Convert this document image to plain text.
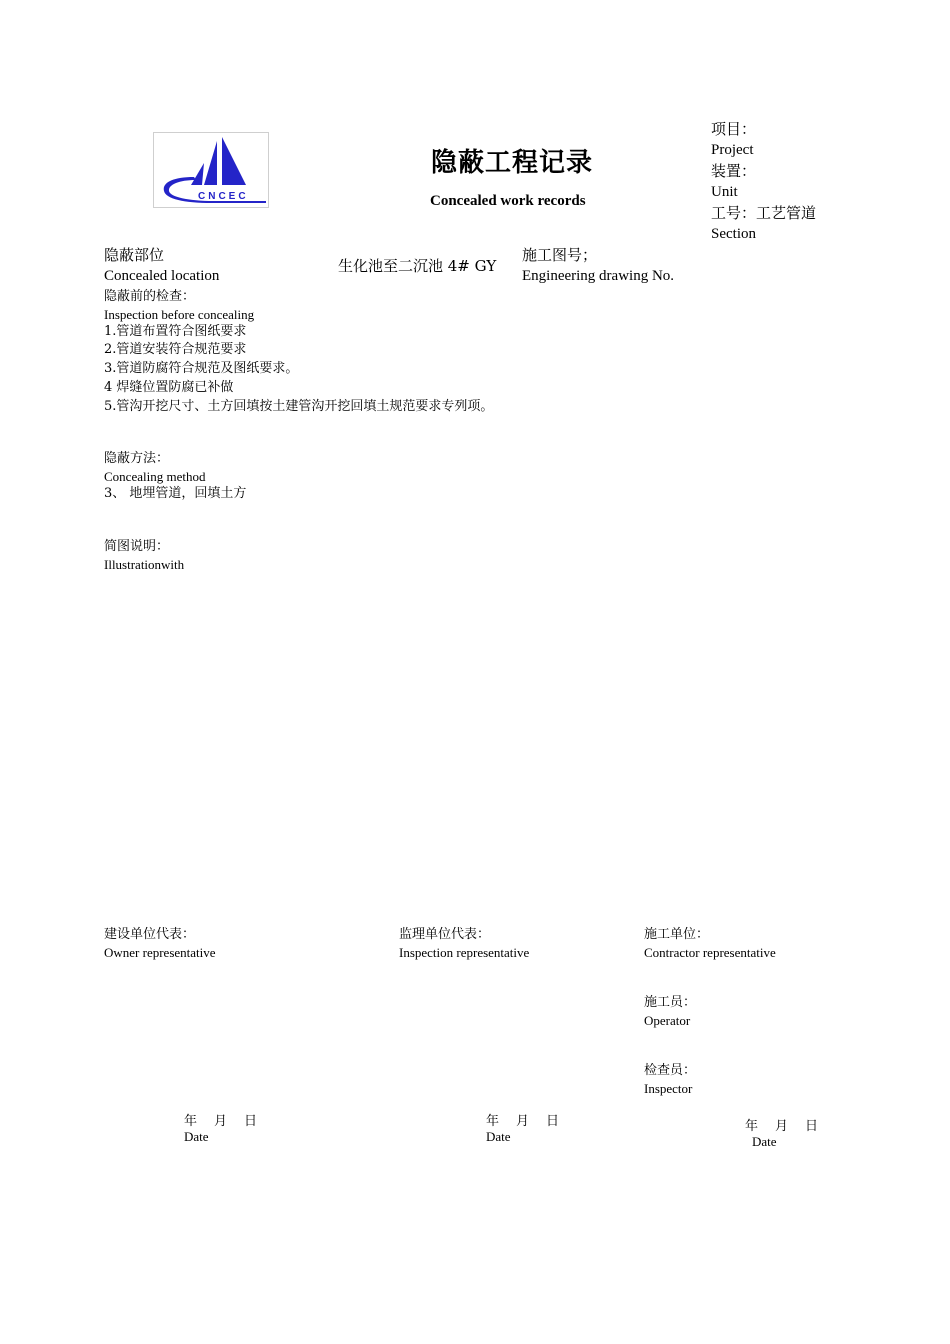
CNCEC
隐蔽工程记录
Concealed work records
项目：
Project
装置：
Unit
工号：工艺管道
Section
隐蔽部位
Concealed location
生化池至二沉池 4# GY
施工图号；
Engineering drawing No.
隐蔽前的检查：
Inspection before concealing
1.管道布置符合图纸要求
2.管道安装符合规范要求
3.管道防腐符合规范及图纸要求。
4 焊缝位置防腐已补做
5.管沟开挖尺寸、土方回填按土建管沟开挖回填土规范要求专列项。
隐蔽方法：
Concealing method
3、 地埋管道，回填土方
简图说明：
Illustrationwith
建设单位代表：
Owner representative
监理单位代表：
Inspection representative
施工单位：
Contractor representative
施工员：
Operator
检查员：
Inspector
年 月 日
Date
年 月 日
Date
年 月 日
Date
